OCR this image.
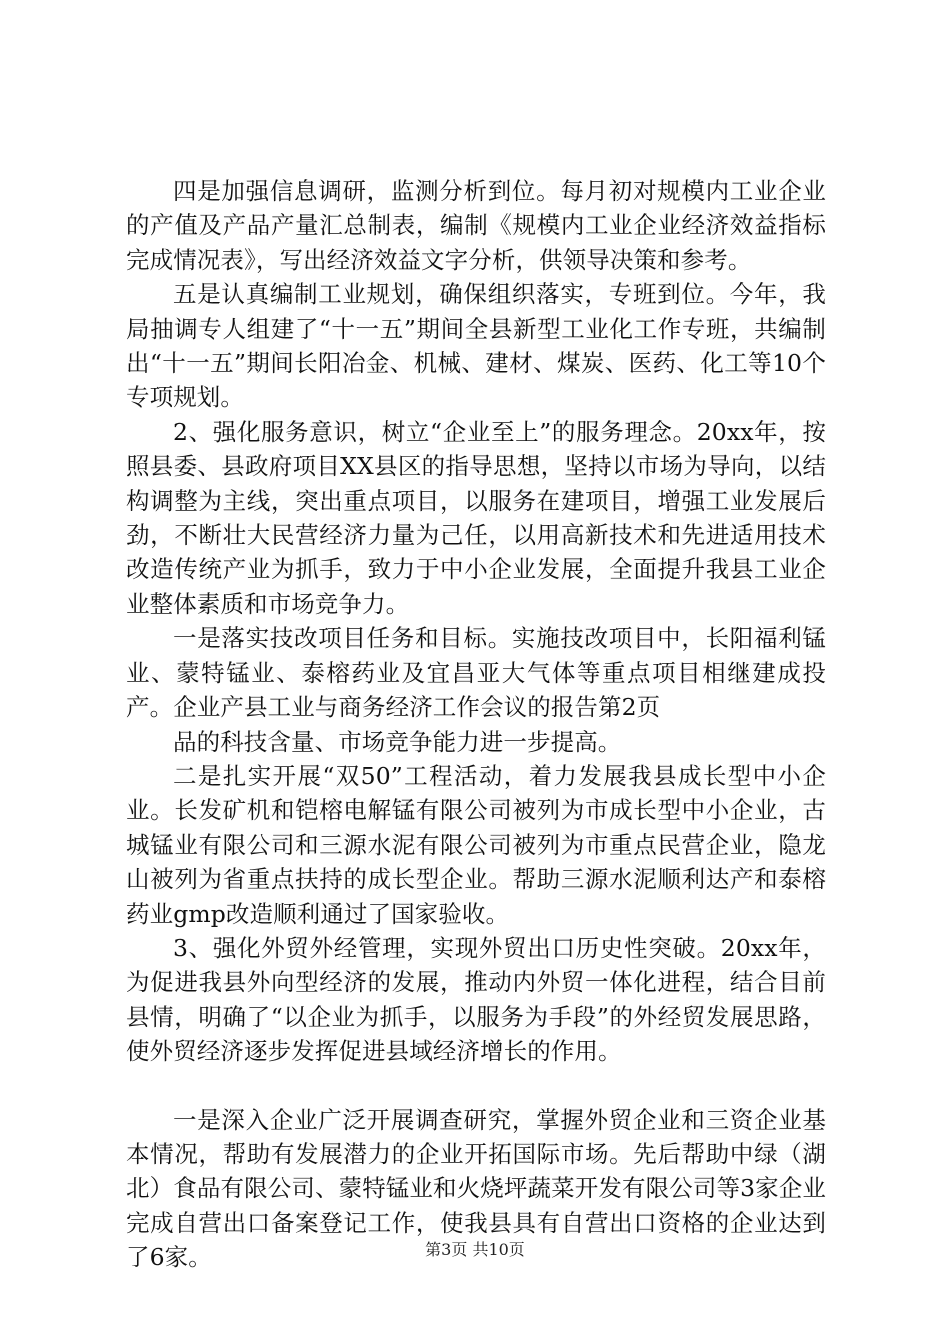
四是加强信息调研，监测分析到位。每月初对规模内工业企业的产值及产品产量汇总制表，编制《规模内工业企业经济效益指标完成情况表》，写出经济效益文字分析，供领导决策和参考。

五是认真编制工业规划，确保组织落实，专班到位。今年，我局抽调专人组建了“十一五”期间全县新型工业化工作专班，共编制出“十一五”期间长阳冶金、机械、建材、煤炭、医药、化工等10个专项规划。

2、强化服务意识，树立“企业至上”的服务理念。20xx年，按照县委、县政府项目XX县区的指导思想，坚持以市场为导向，以结构调整为主线，突出重点项目，以服务在建项目，增强工业发展后劲，不断壮大民营经济力量为己任，以用高新技术和先进适用技术改造传统产业为抓手，致力于中小企业发展，全面提升我县工业企业整体素质和市场竞争力。

一是落实技改项目任务和目标。实施技改项目中，长阳福利锰业、蒙特锰业、泰榕药业及宜昌亚大气体等重点项目相继建成投产。企业产县工业与商务经济工作会议的报告第2页

品的科技含量、市场竞争能力进一步提高。

二是扎实开展“双50”工程活动，着力发展我县成长型中小企业。长发矿机和铠榕电解锰有限公司被列为市成长型中小企业，古城锰业有限公司和三源水泥有限公司被列为市重点民营企业，隐龙山被列为省重点扶持的成长型企业。帮助三源水泥顺利达产和泰榕药业gmp改造顺利通过了国家验收。

3、强化外贸外经管理，实现外贸出口历史性突破。20xx年，为促进我县外向型经济的发展，推动内外贸一体化进程，结合目前县情，明确了“以企业为抓手，以服务为手段”的外经贸发展思路，使外贸经济逐步发挥促进县域经济增长的作用。

一是深入企业广泛开展调查研究，掌握外贸企业和三资企业基本情况，帮助有发展潜力的企业开拓国际市场。先后帮助中绿（湖北）食品有限公司、蒙特锰业和火烧坪蔬菜开发有限公司等3家企业完成自营出口备案登记工作，使我县具有自营出口资格的企业达到了6家。	第3页 共10页
